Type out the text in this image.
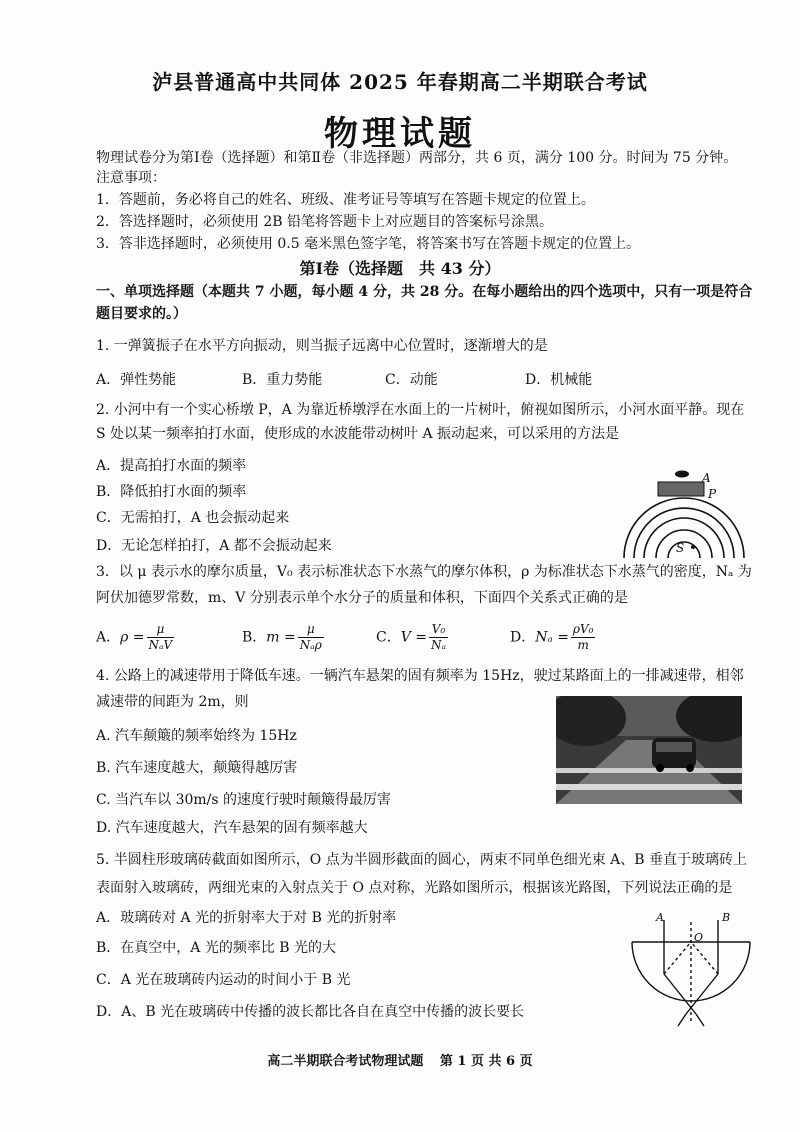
泸县普通高中共同体 2025 年春期高二半期联合考试
物理试题
物理试卷分为第Ⅰ卷（选择题）和第Ⅱ卷（非选择题）两部分，共 6 页，满分 100 分。时间为 75 分钟。
注意事项：
1．答题前，务必将自己的姓名、班级、准考证号等填写在答题卡规定的位置上。
2．答选择题时，必须使用 2B 铅笔将答题卡上对应题目的答案标号涂黑。
3．答非选择题时，必须使用 0.5 毫米黑色签字笔，将答案书写在答题卡规定的位置上。
第Ⅰ卷（选择题　共 43 分）
一、单项选择题（本题共 7 小题，每小题 4 分，共 28 分。在每小题给出的四个选项中，只有一项是符合
题目要求的。）
1. 一弹簧振子在水平方向振动，则当振子远离中心位置时，逐渐增大的是
A．弹性势能	B．重力势能	C．动能	D．机械能
2. 小河中有一个实心桥墩 P，A 为靠近桥墩浮在水面上的一片树叶，俯视如图所示，小河水面平静。现在
S 处以某一频率拍打水面，使形成的水波能带动树叶 A 振动起来，可以采用的方法是
A．提高拍打水面的频率
B．降低拍打水面的频率
C．无需拍打，A 也会振动起来
D．无论怎样拍打，A 都不会振动起来
A
P
S
3．以 μ 表示水的摩尔质量，V₀ 表示标准状态下水蒸气的摩尔体积，ρ 为标准状态下水蒸气的密度，Nₐ 为
阿伏加德罗常数，m、V 分别表示单个水分子的质量和体积，下面四个关系式正确的是
A．$\rho = \frac{\mu}{\text{NₐV}}$	B．$m = \frac{\mu}{\text{Nₐρ}}$	C．$V = \frac{\text{V₀}}{\text{Nₐ}}$	D．$N_a = \frac{\text{ρV₀}}{m}$
4. 公路上的减速带用于降低车速。一辆汽车悬架的固有频率为 15Hz，驶过某路面上的一排减速带，相邻
减速带的间距为 2m，则
A. 汽车颠簸的频率始终为 15Hz
B. 汽车速度越大，颠簸得越厉害
C. 当汽车以 30m/s 的速度行驶时颠簸得最厉害
D. 汽车速度越大，汽车悬架的固有频率越大
5. 半圆柱形玻璃砖截面如图所示，O 点为半圆形截面的圆心，两束不同单色细光束 A、B 垂直于玻璃砖上
表面射入玻璃砖，两细光束的入射点关于 O 点对称，光路如图所示，根据该光路图，下列说法正确的是
A．玻璃砖对 A 光的折射率大于对 B 光的折射率
B．在真空中，A 光的频率比 B 光的大
C．A 光在玻璃砖内运动的时间小于 B 光
D．A、B 光在玻璃砖中传播的波长都比各自在真空中传播的波长要长
A	B
O
高二半期联合考试物理试题 第 1 页 共 6 页
